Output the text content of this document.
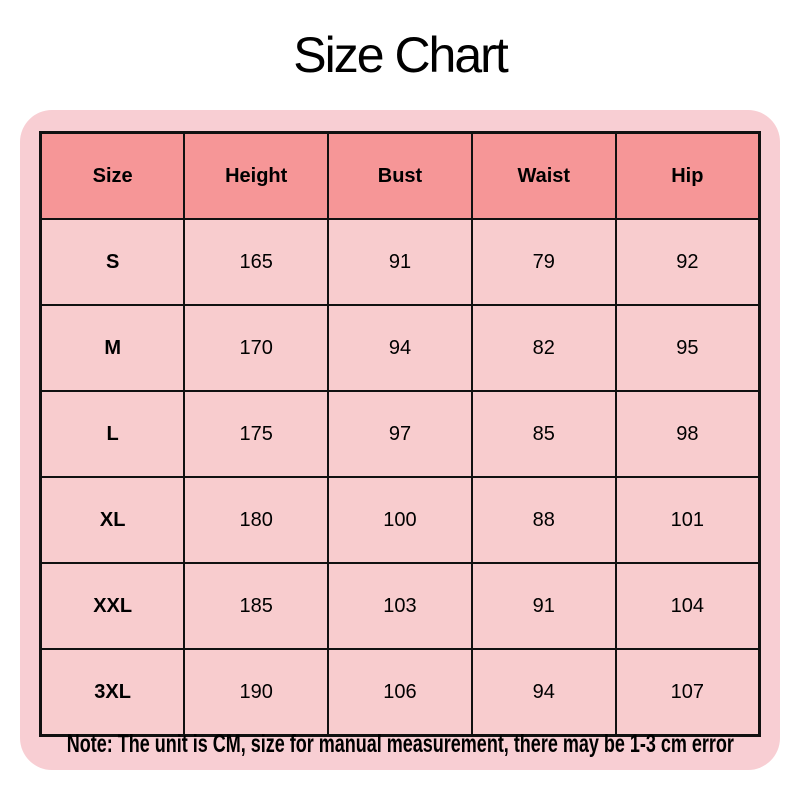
Size Chart
Size	Height	Bust	Waist	Hip
S	165	91	79	92
M	170	94	82	95
L	175	97	85	98
XL	180	100	88	101
XXL	185	103	91	104
3XL	190	106	94	107
Note: The unit is CM, size for manual measurement, there may be 1-3 cm error
